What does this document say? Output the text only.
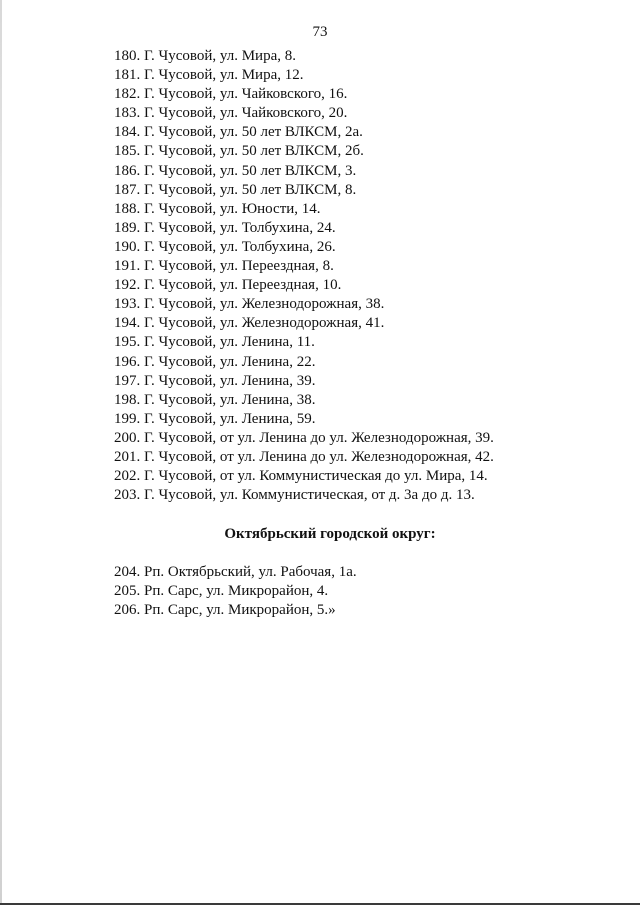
73
180. Г. Чусовой, ул. Мира, 8.
181. Г. Чусовой, ул. Мира, 12.
182. Г. Чусовой, ул. Чайковского, 16.
183. Г. Чусовой, ул. Чайковского, 20.
184. Г. Чусовой, ул. 50 лет ВЛКСМ, 2а.
185. Г. Чусовой, ул. 50 лет ВЛКСМ, 2б.
186. Г. Чусовой, ул. 50 лет ВЛКСМ, 3.
187. Г. Чусовой, ул. 50 лет ВЛКСМ, 8.
188. Г. Чусовой, ул. Юности, 14.
189. Г. Чусовой, ул. Толбухина, 24.
190. Г. Чусовой, ул. Толбухина, 26.
191. Г. Чусовой, ул. Переездная, 8.
192. Г. Чусовой, ул. Переездная, 10.
193. Г. Чусовой, ул. Железнодорожная, 38.
194. Г. Чусовой, ул. Железнодорожная, 41.
195. Г. Чусовой, ул. Ленина, 11.
196. Г. Чусовой, ул. Ленина, 22.
197. Г. Чусовой, ул. Ленина, 39.
198. Г. Чусовой, ул. Ленина, 38.
199. Г. Чусовой, ул. Ленина, 59.
200. Г. Чусовой, от ул. Ленина до ул. Железнодорожная, 39.
201. Г. Чусовой, от ул. Ленина до ул. Железнодорожная, 42.
202. Г. Чусовой, от ул. Коммунистическая до ул. Мира, 14.
203. Г. Чусовой, ул. Коммунистическая, от д. 3а до д. 13.
Октябрьский городской округ:
204. Рп. Октябрьский, ул. Рабочая, 1а.
205. Рп. Сарс, ул. Микрорайон, 4.
206. Рп. Сарс, ул. Микрорайон, 5.»
